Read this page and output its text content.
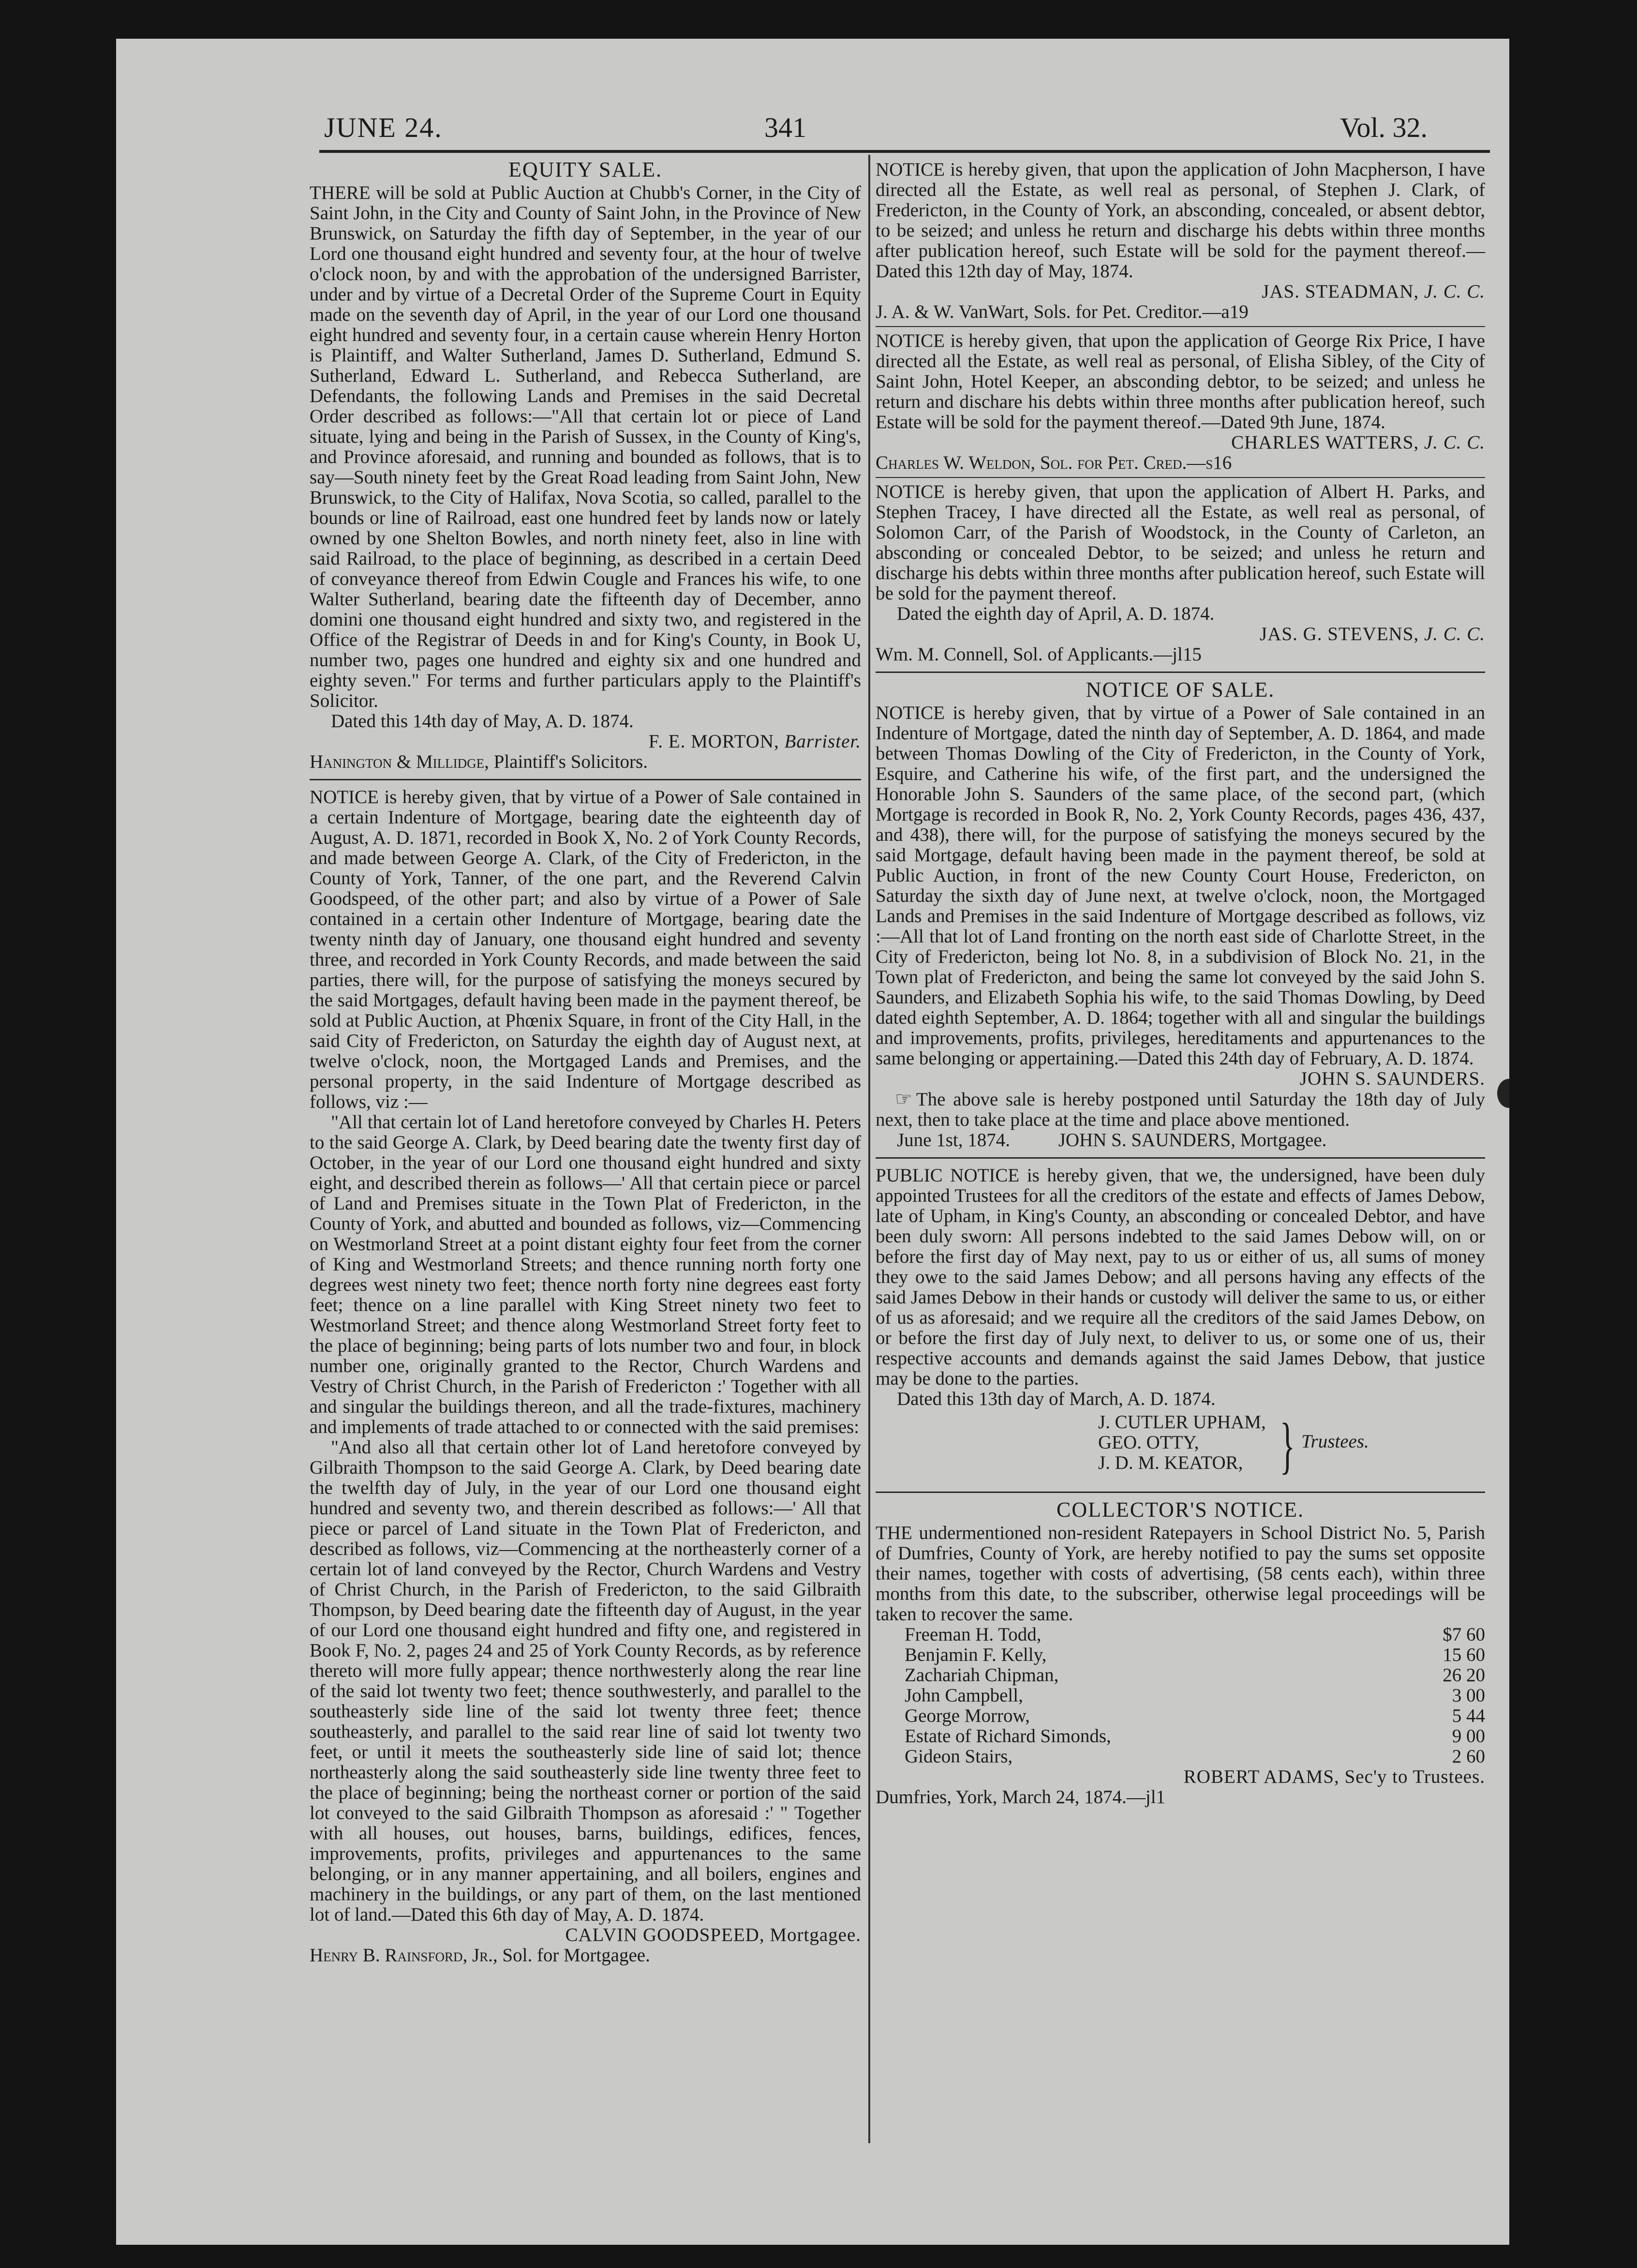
JUNE 24.	341	Vol. 32.
EQUITY SALE.

THERE will be sold at Public Auction at Chubb's Corner, in the City of Saint John, in the City and County of Saint John, in the Province of New Brunswick, on Saturday the fifth day of September, in the year of our Lord one thousand eight hundred and seventy four, at the hour of twelve o'clock noon, by and with the approbation of the undersigned Barrister, under and by virtue of a Decretal Order of the Supreme Court in Equity made on the seventh day of April, in the year of our Lord one thousand eight hundred and seventy four, in a certain cause wherein Henry Horton is Plaintiff, and Walter Sutherland, James D. Sutherland, Edmund S. Sutherland, Edward L. Sutherland, and Rebecca Sutherland, are Defendants, the following Lands and Premises in the said Decretal Order described as follows:—"All that certain lot or piece of Land situate, lying and being in the Parish of Sussex, in the County of King's, and Province aforesaid, and running and bounded as follows, that is to say—South ninety feet by the Great Road leading from Saint John, New Brunswick, to the City of Halifax, Nova Scotia, so called, parallel to the bounds or line of Railroad, east one hundred feet by lands now or lately owned by one Shelton Bowles, and north ninety feet, also in line with said Railroad, to the place of beginning, as described in a certain Deed of conveyance thereof from Edwin Cougle and Frances his wife, to one Walter Sutherland, bearing date the fifteenth day of December, anno domini one thousand eight hundred and sixty two, and registered in the Office of the Registrar of Deeds in and for King's County, in Book U, number two, pages one hundred and eighty six and one hundred and eighty seven." For terms and further particulars apply to the Plaintiff's Solicitor.

Dated this 14th day of May, A. D. 1874.

F. E. MORTON, Barrister.

Hanington & Millidge, Plaintiff's Solicitors.

NOTICE is hereby given, that by virtue of a Power of Sale contained in a certain Indenture of Mortgage, bearing date the eighteenth day of August, A. D. 1871, recorded in Book X, No. 2 of York County Records, and made between George A. Clark, of the City of Fredericton, in the County of York, Tanner, of the one part, and the Reverend Calvin Goodspeed, of the other part; and also by virtue of a Power of Sale contained in a certain other Indenture of Mortgage, bearing date the twenty ninth day of January, one thousand eight hundred and seventy three, and recorded in York County Records, and made between the said parties, there will, for the purpose of satisfying the moneys secured by the said Mortgages, default having been made in the payment thereof, be sold at Public Auction, at Phœnix Square, in front of the City Hall, in the said City of Fredericton, on Saturday the eighth day of August next, at twelve o'clock, noon, the Mortgaged Lands and Premises, and the personal property, in the said Indenture of Mortgage described as follows, viz :—

"All that certain lot of Land heretofore conveyed by Charles H. Peters to the said George A. Clark, by Deed bearing date the twenty first day of October, in the year of our Lord one thousand eight hundred and sixty eight, and described therein as follows—' All that certain piece or parcel of Land and Premises situate in the Town Plat of Fredericton, in the County of York, and abutted and bounded as follows, viz—Commencing on Westmorland Street at a point distant eighty four feet from the corner of King and Westmorland Streets; and thence running north forty one degrees west ninety two feet; thence north forty nine degrees east forty feet; thence on a line parallel with King Street ninety two feet to Westmorland Street; and thence along Westmorland Street forty feet to the place of beginning; being parts of lots number two and four, in block number one, originally granted to the Rector, Church Wardens and Vestry of Christ Church, in the Parish of Fredericton :' Together with all and singular the buildings thereon, and all the trade-fixtures, machinery and implements of trade attached to or connected with the said premises:

"And also all that certain other lot of Land heretofore conveyed by Gilbraith Thompson to the said George A. Clark, by Deed bearing date the twelfth day of July, in the year of our Lord one thousand eight hundred and seventy two, and therein described as follows:—' All that piece or parcel of Land situate in the Town Plat of Fredericton, and described as follows, viz—Commencing at the northeasterly corner of a certain lot of land conveyed by the Rector, Church Wardens and Vestry of Christ Church, in the Parish of Fredericton, to the said Gilbraith Thompson, by Deed bearing date the fifteenth day of August, in the year of our Lord one thousand eight hundred and fifty one, and registered in Book F, No. 2, pages 24 and 25 of York County Records, as by reference thereto will more fully appear; thence northwesterly along the rear line of the said lot twenty two feet; thence southwesterly, and parallel to the southeasterly side line of the said lot twenty three feet; thence southeasterly, and parallel to the said rear line of said lot twenty two feet, or until it meets the southeasterly side line of said lot; thence northeasterly along the said southeasterly side line twenty three feet to the place of beginning; being the northeast corner or portion of the said lot conveyed to the said Gilbraith Thompson as aforesaid :' " Together with all houses, out houses, barns, buildings, edifices, fences, improvements, profits, privileges and appurtenances to the same belonging, or in any manner appertaining, and all boilers, engines and machinery in the buildings, or any part of them, on the last mentioned lot of land.—Dated this 6th day of May, A. D. 1874.

CALVIN GOODSPEED, Mortgagee.

Henry B. Rainsford, Jr., Sol. for Mortgagee.

NOTICE is hereby given, that upon the application of John Macpherson, I have directed all the Estate, as well real as personal, of Stephen J. Clark, of Fredericton, in the County of York, an absconding, concealed, or absent debtor, to be seized; and unless he return and discharge his debts within three months after publication hereof, such Estate will be sold for the payment thereof.—Dated this 12th day of May, 1874.

JAS. STEADMAN, J. C. C.

J. A. & W. VanWart, Sols. for Pet. Creditor.—a19

NOTICE is hereby given, that upon the application of George Rix Price, I have directed all the Estate, as well real as personal, of Elisha Sibley, of the City of Saint John, Hotel Keeper, an absconding debtor, to be seized; and unless he return and dischare his debts within three months after publication hereof, such Estate will be sold for the payment thereof.—Dated 9th June, 1874.

CHARLES WATTERS, J. C. C.

Charles W. Weldon, Sol. for Pet. Cred.—s16

NOTICE is hereby given, that upon the application of Albert H. Parks, and Stephen Tracey, I have directed all the Estate, as well real as personal, of Solomon Carr, of the Parish of Woodstock, in the County of Carleton, an absconding or concealed Debtor, to be seized; and unless he return and discharge his debts within three months after publication hereof, such Estate will be sold for the payment thereof.

Dated the eighth day of April, A. D. 1874.

JAS. G. STEVENS, J. C. C.

Wm. M. Connell, Sol. of Applicants.—jl15

NOTICE OF SALE.

NOTICE is hereby given, that by virtue of a Power of Sale contained in an Indenture of Mortgage, dated the ninth day of September, A. D. 1864, and made between Thomas Dowling of the City of Fredericton, in the County of York, Esquire, and Catherine his wife, of the first part, and the undersigned the Honorable John S. Saunders of the same place, of the second part, (which Mortgage is recorded in Book R, No. 2, York County Records, pages 436, 437, and 438), there will, for the purpose of satisfying the moneys secured by the said Mortgage, default having been made in the payment thereof, be sold at Public Auction, in front of the new County Court House, Fredericton, on Saturday the sixth day of June next, at twelve o'clock, noon, the Mortgaged Lands and Premises in the said Indenture of Mortgage described as follows, viz :—All that lot of Land fronting on the north east side of Charlotte Street, in the City of Fredericton, being lot No. 8, in a subdivision of Block No. 21, in the Town plat of Fredericton, and being the same lot conveyed by the said John S. Saunders, and Elizabeth Sophia his wife, to the said Thomas Dowling, by Deed dated eighth September, A. D. 1864; together with all and singular the buildings and improvements, profits, privileges, hereditaments and appurtenances to the same belonging or appertaining.—Dated this 24th day of February, A. D. 1874.

JOHN S. SAUNDERS.

☞ The above sale is hereby postponed until Saturday the 18th day of July next, then to take place at the time and place above mentioned.

June 1st, 1874.	JOHN S. SAUNDERS, Mortgagee.

PUBLIC NOTICE is hereby given, that we, the undersigned, have been duly appointed Trustees for all the creditors of the estate and effects of James Debow, late of Upham, in King's County, an absconding or concealed Debtor, and have been duly sworn: All persons indebted to the said James Debow will, on or before the first day of May next, pay to us or either of us, all sums of money they owe to the said James Debow; and all persons having any effects of the said James Debow in their hands or custody will deliver the same to us, or either of us as aforesaid; and we require all the creditors of the said James Debow, on or before the first day of July next, to deliver to us, or some one of us, their respective accounts and demands against the said James Debow, that justice may be done to the parties.

Dated this 13th day of March, A. D. 1874.

J. CUTLER UPHAM,
GEO. OTTY,
J. D. M. KEATOR, } Trustees.
COLLECTOR'S NOTICE.

THE undermentioned non-resident Ratepayers in School District No. 5, Parish of Dumfries, County of York, are hereby notified to pay the sums set opposite their names, together with costs of advertising, (58 cents each), within three months from this date, to the subscriber, otherwise legal proceedings will be taken to recover the same.

Freeman H. Todd,	$7 60
Benjamin F. Kelly,	15 60
Zachariah Chipman,	26 20
John Campbell,	3 00
George Morrow,	5 44
Estate of Richard Simonds,	9 00
Gideon Stairs,	2 60

ROBERT ADAMS, Sec'y to Trustees.

Dumfries, York, March 24, 1874.—jl1
